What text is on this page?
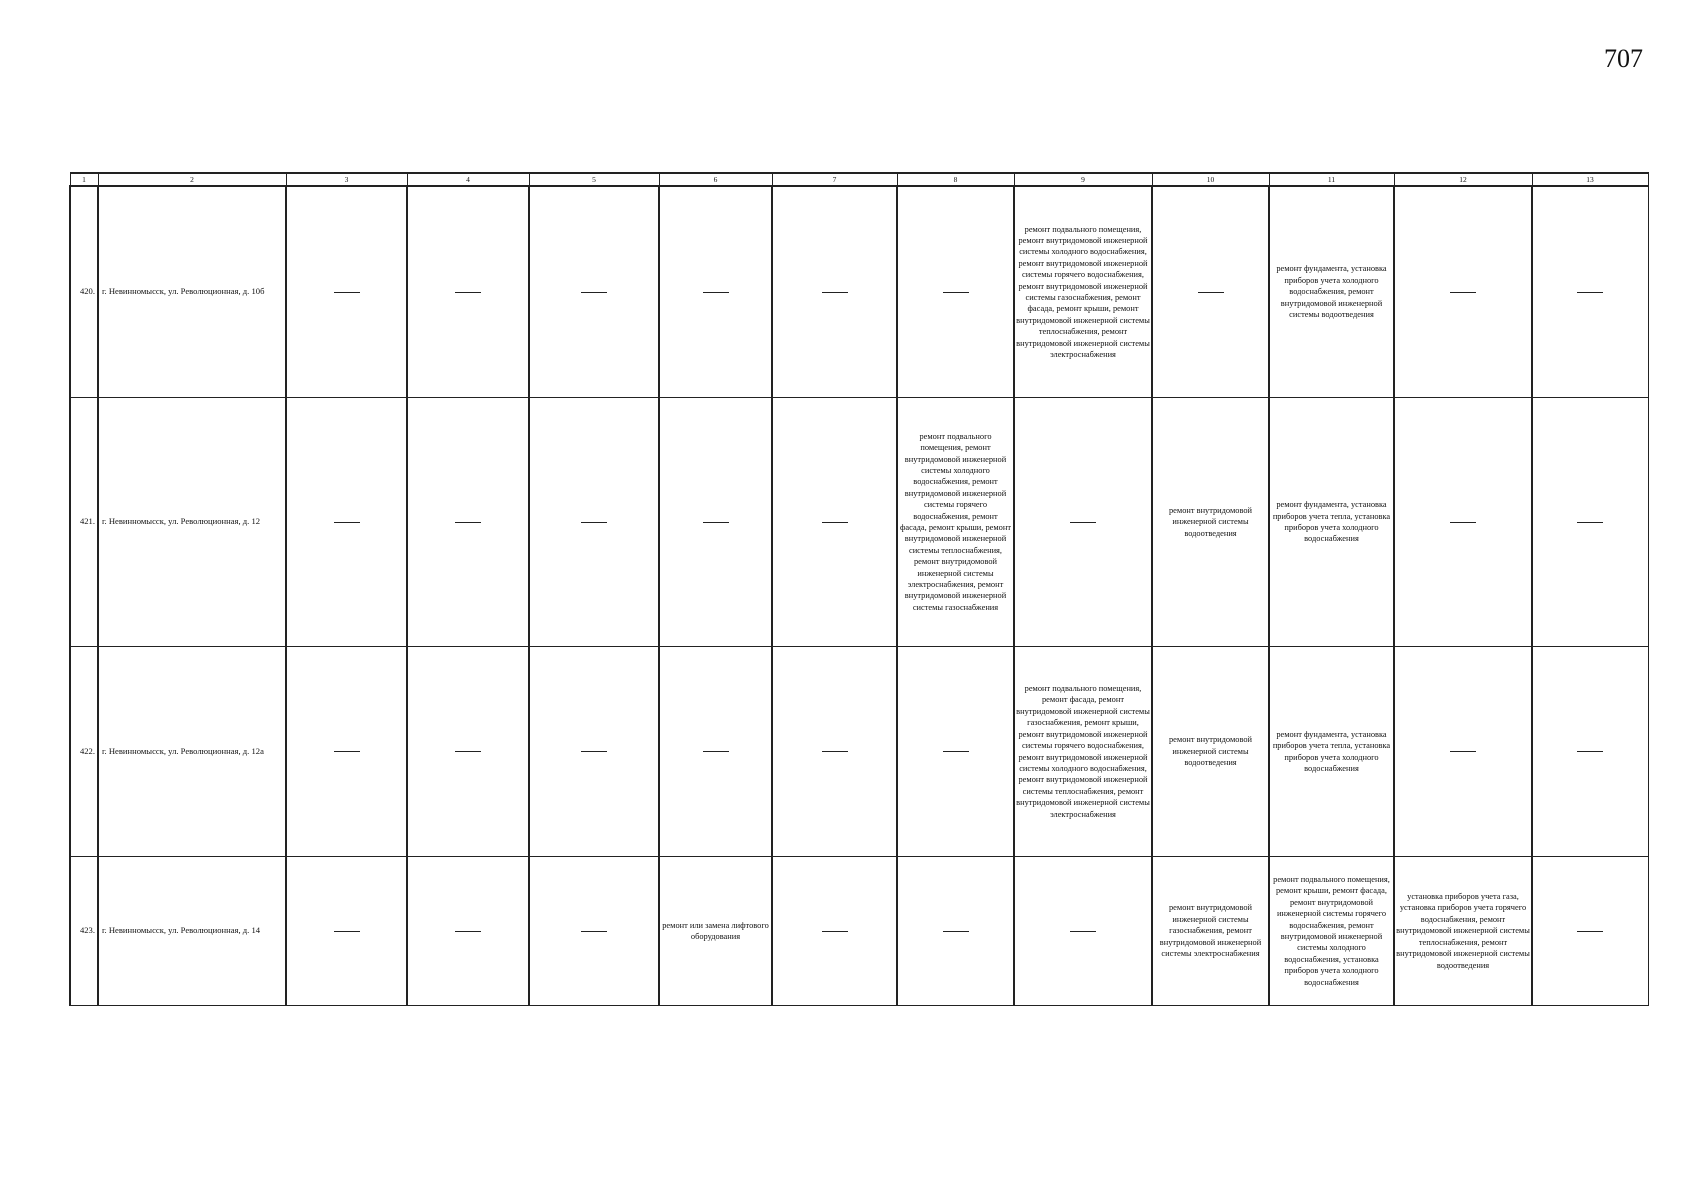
707
1	2	3	4	5	6	7	8	9	10	11	12	13
420.	г. Невинномысск, ул. Революционная, д. 10б							ремонт подвального помещения, ремонт внутридомовой инженерной системы холодного водоснабжения, ремонт внутридомовой инженерной системы горячего водоснабжения, ремонт внутридомовой инженерной системы газоснабжения, ремонт фасада, ремонт крыши, ремонт внутридомовой инженерной системы теплоснабжения, ремонт внутридомовой инженерной системы электроснабжения		ремонт фундамента, установка приборов учета холодного водоснабжения, ремонт внутридомовой инженерной системы водоотведения		
421.	г. Невинномысск, ул. Революционная, д. 12						ремонт подвального помещения, ремонт внутридомовой инженерной системы холодного водоснабжения, ремонт внутридомовой инженерной системы горячего водоснабжения, ремонт фасада, ремонт крыши, ремонт внутридомовой инженерной системы теплоснабжения, ремонт внутридомовой инженерной системы электроснабжения, ремонт внутридомовой инженерной системы газоснабжения		ремонт внутридомовой инженерной системы водоотведения	ремонт фундамента, установка приборов учета тепла, установка приборов учета холодного водоснабжения		
422.	г. Невинномысск, ул. Революционная, д. 12а							ремонт подвального помещения, ремонт фасада, ремонт внутридомовой инженерной системы газоснабжения, ремонт крыши, ремонт внутридомовой инженерной системы горячего водоснабжения, ремонт внутридомовой инженерной системы холодного водоснабжения, ремонт внутридомовой инженерной системы теплоснабжения, ремонт внутридомовой инженерной системы электроснабжения	ремонт внутридомовой инженерной системы водоотведения	ремонт фундамента, установка приборов учета тепла, установка приборов учета холодного водоснабжения		
423.	г. Невинномысск, ул. Революционная, д. 14				ремонт или замена лифтового оборудования				ремонт внутридомовой инженерной системы газоснабжения, ремонт внутридомовой инженерной системы электроснабжения	ремонт подвального помещения, ремонт крыши, ремонт фасада, ремонт внутридомовой инженерной системы горячего водоснабжения, ремонт внутридомовой инженерной системы холодного водоснабжения, установка приборов учета холодного водоснабжения	установка приборов учета газа, установка приборов учета горячего водоснабжения, ремонт внутридомовой инженерной системы теплоснабжения, ремонт внутридомовой инженерной системы водоотведения	
